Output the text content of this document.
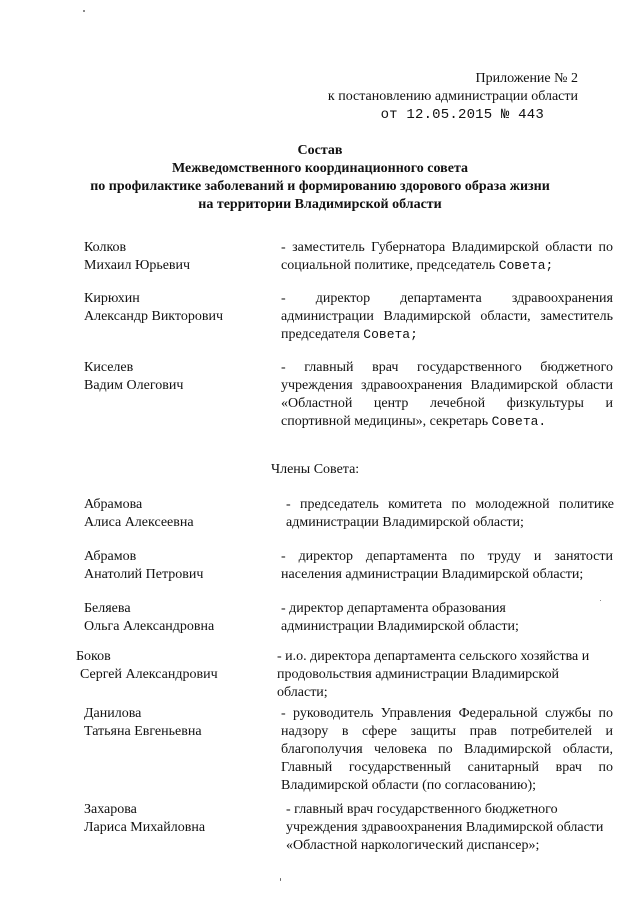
Приложение № 2
к постановлению администрации области
от 12.05.2015 № 443
Состав
Межведомственного координационного совета
по профилактике заболеваний и формированию здорового образа жизни
на территории Владимирской области
Колков
Михаил Юрьевич
- заместитель Губернатора Владимирской области по социальной политике, председатель Совета;
Кирюхин
Александр Викторович
- директор департамента здравоохранения администрации Владимирской области, заместитель председателя Совета;
Киселев
Вадим Олегович
- главный врач государственного бюджетного учреждения здравоохранения Владимирской области «Областной центр лечебной физкультуры и спортивной медицины», секретарь Совета.
Члены Совета:
Абрамова
Алиса Алексеевна
- председатель комитета по молодежной политике администрации Владимирской области;
Абрамов
Анатолий Петрович
- директор департамента по труду и занятости населения администрации Владимирской области;
Беляева
Ольга Александровна
- директор департамента образования администрации Владимирской области;
Боков
Сергей Александрович
- и.о. директора департамента сельского хозяйства и продовольствия администрации Владимирской области;
Данилова
Татьяна Евгеньевна
- руководитель Управления Федеральной службы по надзору в сфере защиты прав потребителей и благополучия человека по Владимирской области, Главный государственный санитарный врач по Владимирской области (по согласованию);
Захарова
Лариса Михайловна
- главный врач государственного бюджетного учреждения здравоохранения Владимирской области «Областной наркологический диспансер»;
